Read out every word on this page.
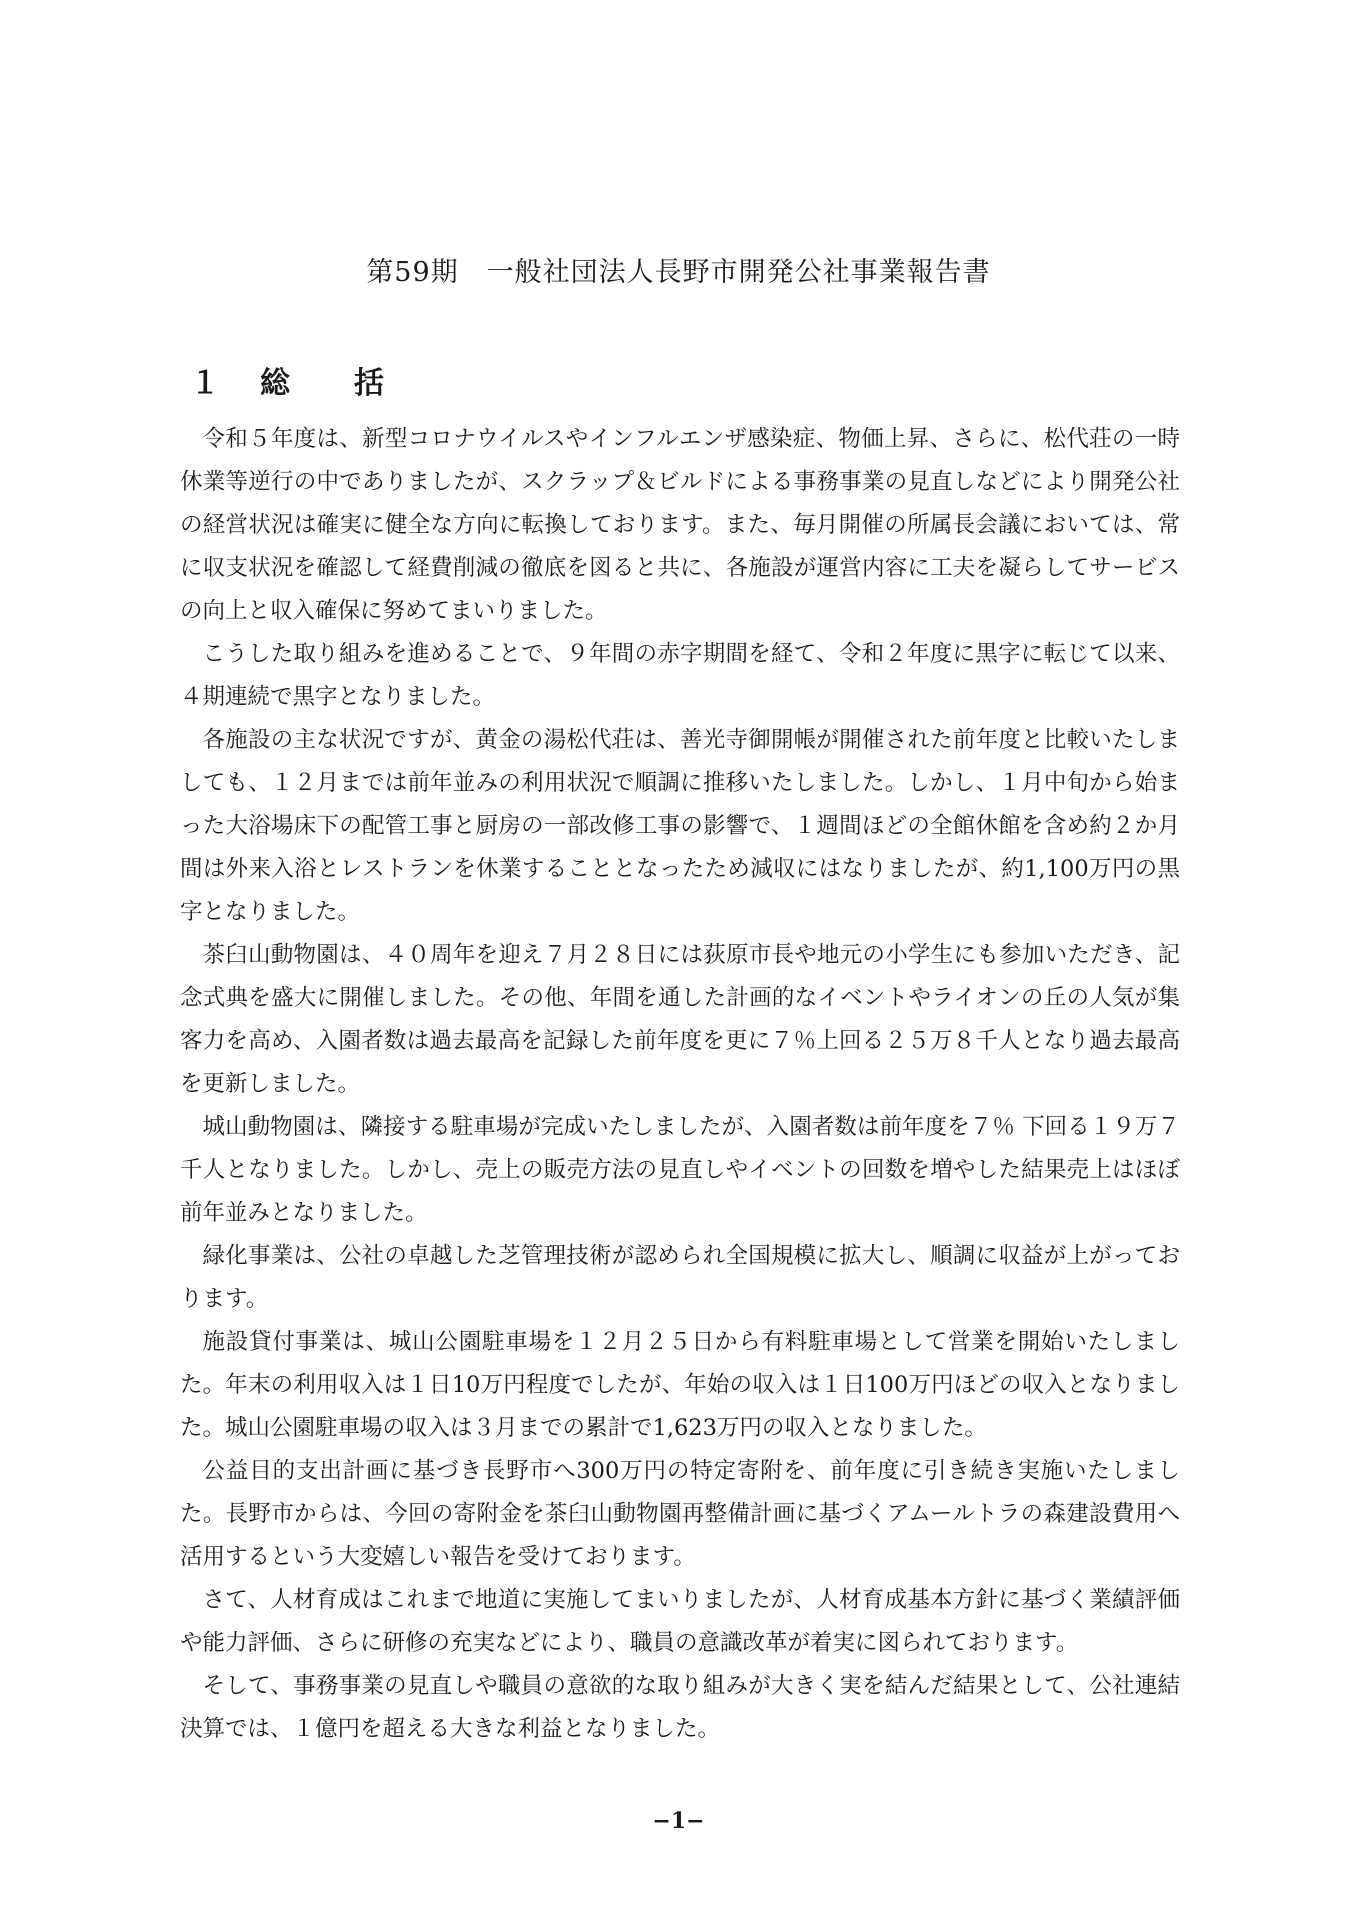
第59期　一般社団法人長野市開発公社事業報告書
１ 総 括

令和５年度は、新型コロナウイルスやインフルエンザ感染症、物価上昇、さらに、松代荘の一時休業等逆行の中でありましたが、スクラップ＆ビルドによる事務事業の見直しなどにより開発公社の経営状況は確実に健全な方向に転換しております。また、毎月開催の所属長会議においては、常に収支状況を確認して経費削減の徹底を図ると共に、各施設が運営内容に工夫を凝らしてサービスの向上と収入確保に努めてまいりました。

こうした取り組みを進めることで、９年間の赤字期間を経て、令和２年度に黒字に転じて以来、４期連続で黒字となりました。

各施設の主な状況ですが、黄金の湯松代荘は、善光寺御開帳が開催された前年度と比較いたしましても、１２月までは前年並みの利用状況で順調に推移いたしました。しかし、１月中旬から始まった大浴場床下の配管工事と厨房の一部改修工事の影響で、１週間ほどの全館休館を含め約２か月間は外来入浴とレストランを休業することとなったため減収にはなりましたが、約1,100万円の黒字となりました。

茶臼山動物園は、４０周年を迎え７月２８日には荻原市長や地元の小学生にも参加いただき、記念式典を盛大に開催しました。その他、年間を通した計画的なイベントやライオンの丘の人気が集客力を高め、入園者数は過去最高を記録した前年度を更に７％上回る２５万８千人となり過去最高を更新しました。

城山動物園は、隣接する駐車場が完成いたしましたが、入園者数は前年度を７％ 下回る１９万７千人となりました。しかし、売上の販売方法の見直しやイベントの回数を増やした結果売上はほぼ前年並みとなりました。

緑化事業は、公社の卓越した芝管理技術が認められ全国規模に拡大し、順調に収益が上がっております。

施設貸付事業は、城山公園駐車場を１２月２５日から有料駐車場として営業を開始いたしました。年末の利用収入は１日10万円程度でしたが、年始の収入は１日100万円ほどの収入となりました。城山公園駐車場の収入は３月までの累計で1,623万円の収入となりました。

公益目的支出計画に基づき長野市へ300万円の特定寄附を、前年度に引き続き実施いたしました。長野市からは、今回の寄附金を茶臼山動物園再整備計画に基づくアムールトラの森建設費用へ活用するという大変嬉しい報告を受けております。

さて、人材育成はこれまで地道に実施してまいりましたが、人材育成基本方針に基づく業績評価や能力評価、さらに研修の充実などにより、職員の意識改革が着実に図られております。

そして、事務事業の見直しや職員の意欲的な取り組みが大きく実を結んだ結果として、公社連結決算では、１億円を超える大きな利益となりました。

−1−
